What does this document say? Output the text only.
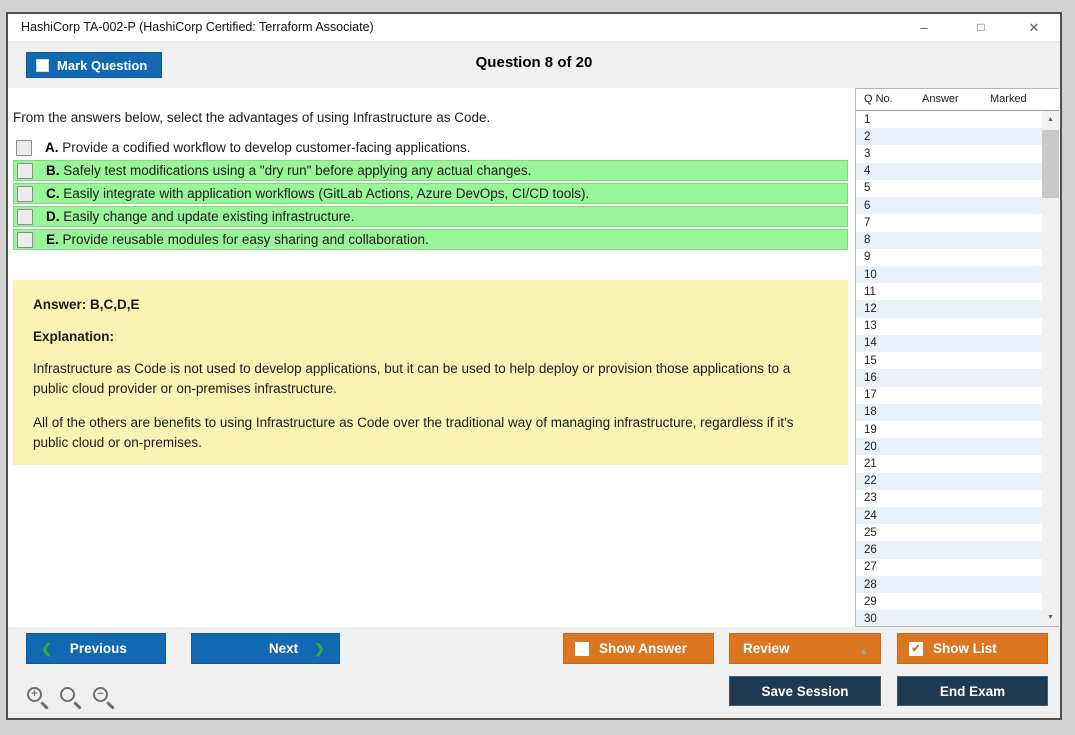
HashiCorp TA-002-P (HashiCorp Certified: Terraform Associate)	–	□	✕
Question 8 of 20
Mark Question
From the answers below, select the advantages of using Infrastructure as Code.
A. Provide a codified workflow to develop customer-facing applications.
B. Safely test modifications using a "dry run" before applying any actual changes.
C. Easily integrate with application workflows (GitLab Actions, Azure DevOps, CI/CD tools).
D. Easily change and update existing infrastructure.
E. Provide reusable modules for easy sharing and collaboration.
Answer: B,C,D,E
Explanation:
Infrastructure as Code is not used to develop applications, but it can be used to help deploy or provision those applications to a public cloud provider or on-premises infrastructure.
All of the others are benefits to using Infrastructure as Code over the traditional way of managing infrastructure, regardless if it's public cloud or on-premises.
Q No.	Answer	Marked
1
2
3
4
5
6
7
8
9
10
11
12
13
14
15
16
17
18
19
20
21
22
23
24
25
26
27
28
29
30
▲
▼
❮ Previous	Next ❯	Show Answer	Review	▲	✔ Show List
Save Session	End Exam
+	−
